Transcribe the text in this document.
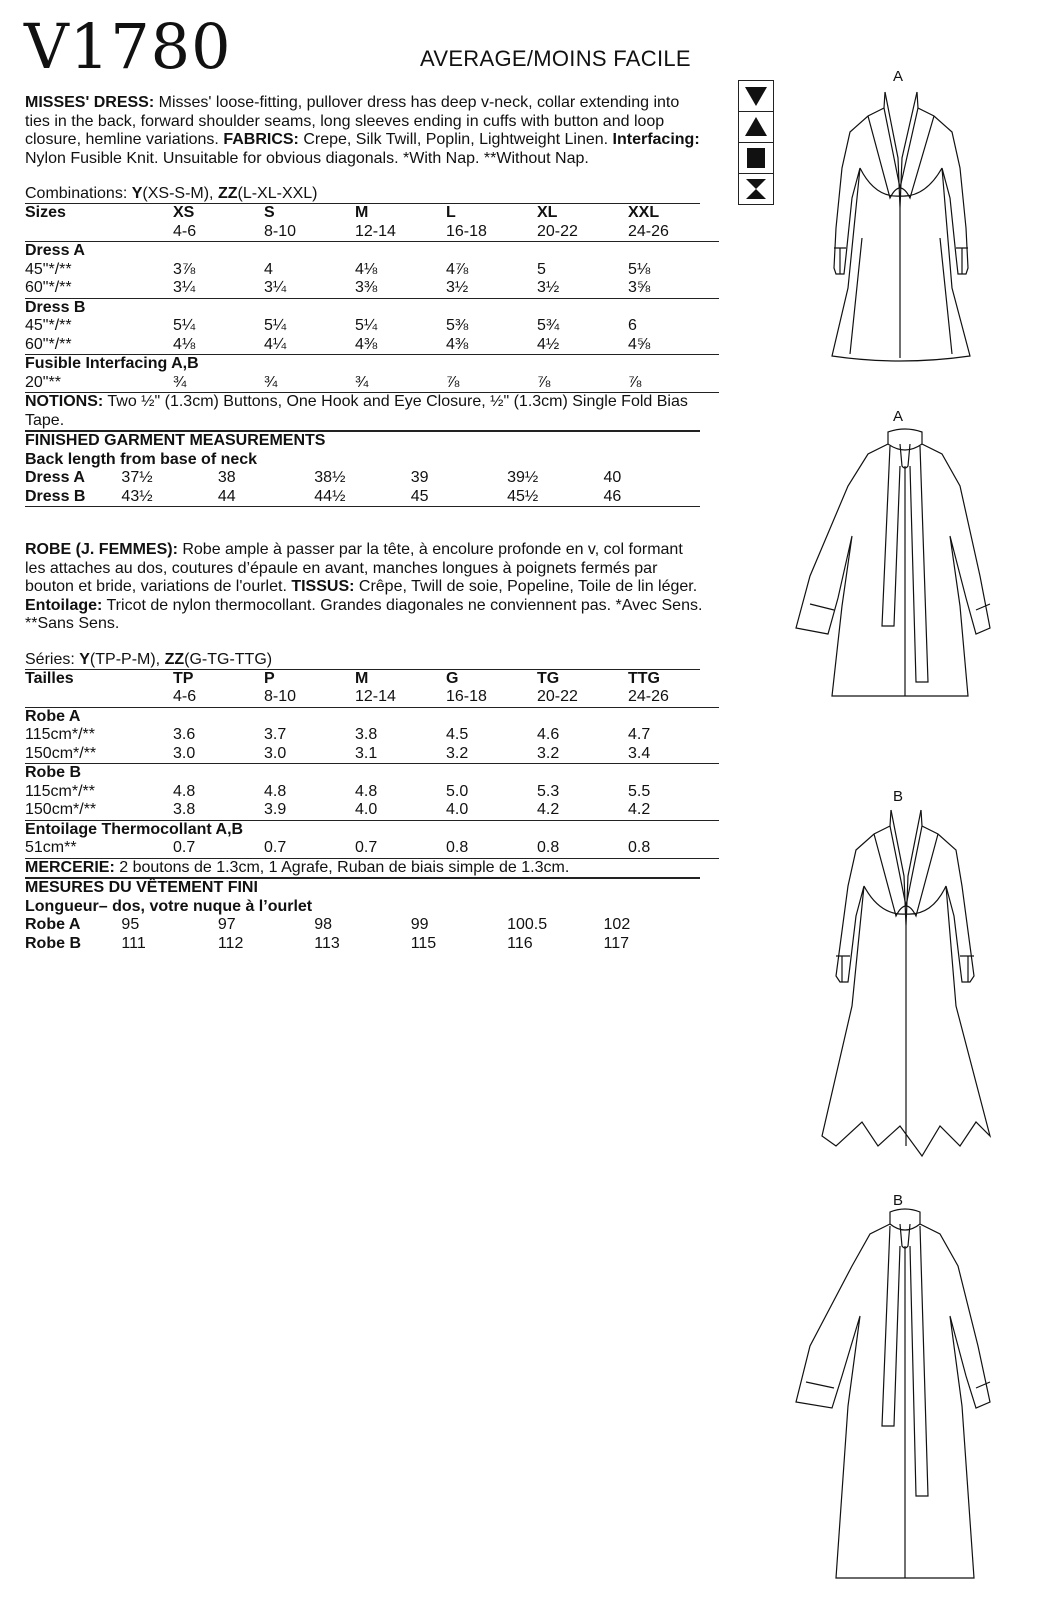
V1780	AVERAGE/MOINS FACILE

MISSES' DRESS: Misses' loose-fitting, pullover dress has deep v-neck, collar extending into ties in the back, forward shoulder seams, long sleeves ending in cuffs with button and loop closure, hemline variations. FABRICS: Crepe, Silk Twill, Poplin, Lightweight Linen. Interfacing: Nylon Fusible Knit. Unsuitable for obvious diagonals. *With Nap. **Without Nap.

Combinations: Y(XS-S-M), ZZ(L-XL-XXL)
Sizes	XS	S	M	L	XL	XXL
	4-6	8-10	12-14	16-18	20-22	24-26
Dress A						
45"*/**	3⅞	4	4⅛	4⅞	5	5⅛
60"*/**	3¼	3¼	3⅜	3½	3½	3⅝
Dress B						
45"*/**	5¼	5¼	5¼	5⅜	5¾	6
60"*/**	4⅛	4¼	4⅜	4⅜	4½	4⅝
Fusible Interfacing A,B						
20"**	¾	¾	¾	⅞	⅞	⅞

NOTIONS: Two ½" (1.3cm) Buttons, One Hook and Eye Closure, ½" (1.3cm) Single Fold Bias Tape.

FINISHED GARMENT MEASUREMENTS						
Back length from base of neck						
Dress A	37½	38	38½	39	39½	40
Dress B	43½	44	44½	45	45½	46

ROBE (J. FEMMES): Robe ample à passer par la tête, à encolure profonde en v, col formant les attaches au dos, coutures d’épaule en avant, manches longues à poignets fermés par bouton et bride, variations de l'ourlet. TISSUS: Crêpe, Twill de soie, Popeline, Toile de lin léger. Entoilage: Tricot de nylon thermocollant. Grandes diagonales ne conviennent pas. *Avec Sens. **Sans Sens.

Séries: Y(TP-P-M), ZZ(G-TG-TTG)
Tailles	TP	P	M	G	TG	TTG
	4-6	8-10	12-14	16-18	20-22	24-26
Robe A						
115cm*/**	3.6	3.7	3.8	4.5	4.6	4.7
150cm*/**	3.0	3.0	3.1	3.2	3.2	3.4
Robe B						
115cm*/**	4.8	4.8	4.8	5.0	5.3	5.5
150cm*/**	3.8	3.9	4.0	4.0	4.2	4.2
Entoilage Thermocollant A,B						
51cm**	0.7	0.7	0.7	0.8	0.8	0.8

MERCERIE: 2 boutons de 1.3cm, 1 Agrafe, Ruban de biais simple de 1.3cm.

MESURES DU VÊTEMENT FINI						
Longueur– dos, votre nuque à l’ourlet						
Robe A	95	97	98	99	100.5	102
Robe B	111	112	113	115	116	117
A
A
B
B
